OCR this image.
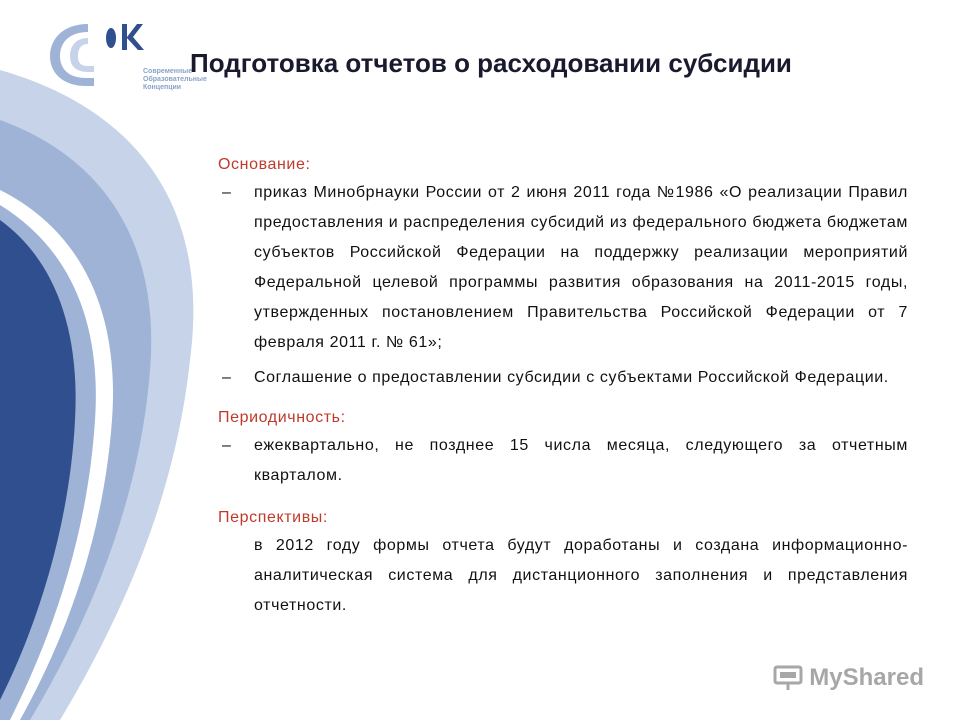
Современные
Образовательные
Концепции
Подготовка отчетов о расходовании субсидии

Основание:

– приказ Минобрнауки России от 2 июня 2011 года №1986 «О реализации Правил предоставления и распределения субсидий из федерального бюджета бюджетам субъектов Российской Федерации на поддержку реализации мероприятий Федеральной целевой программы развития образования на 2011-2015 годы, утвержденных постановлением Правительства Российской Федерации от 7 февраля 2011 г. № 61»;
– Соглашение о предоставлении субсидии с субъектами Российской Федерации.

Периодичность:

– ежеквартально, не позднее 15 числа месяца, следующего за отчетным кварталом.

Перспективы:

в 2012 году формы отчета будут доработаны и создана информационно-аналитическая система для дистанционного заполнения и представления отчетности.
MyShared
